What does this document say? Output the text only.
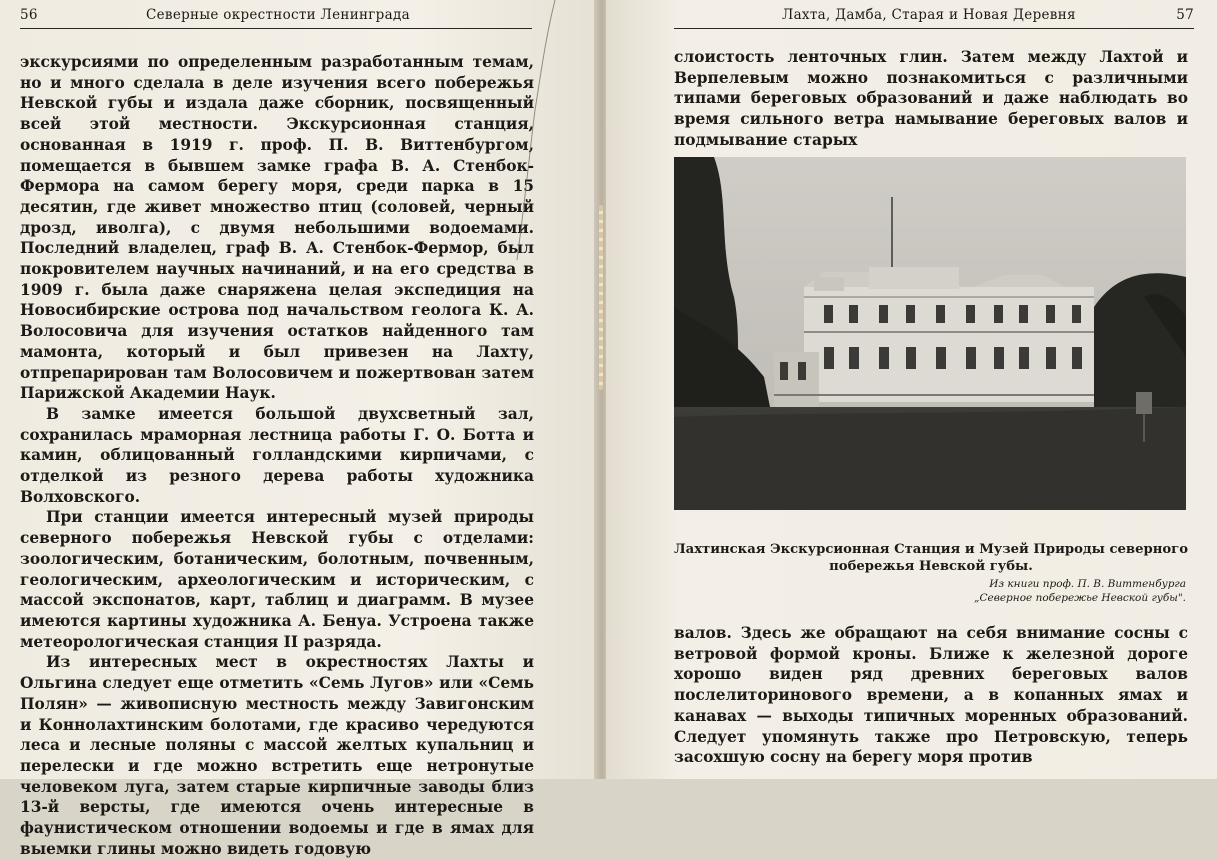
56	Северные окрестности Ленинграда

экскурсиями по определенным разработанным темам, но и много сделала в деле изучения всего побережья Невской губы и издала даже сборник, посвященный всей этой местности. Экскурсионная станция, основанная в 1919 г. проф. П. В. Виттенбургом, помещается в бывшем замке графа В. А. Стенбок-Фермора на самом берегу моря, среди парка в 15 десятин, где живет множество птиц (соловей, черный дрозд, иволга), с двумя небольшими водоемами. Последний владелец, граф В. А. Стенбок-Фермор, был покровителем научных начинаний, и на его средства в 1909 г. была даже снаряжена целая экспедиция на Новосибирские острова под начальством геолога К. А. Волосовича для изучения остатков найденного там мамонта, который и был привезен на Лахту, отпрепарирован там Волосовичем и пожертвован затем Парижской Академии Наук.

В замке имеется большой двухсветный зал, сохранилась мраморная лестница работы Г. О. Ботта и камин, облицованный голландскими кирпичами, с отделкой из резного дерева работы художника Волховского.

При станции имеется интересный музей природы северного побережья Невской губы с отделами: зоологическим, ботаническим, болотным, почвенным, геологическим, археологическим и историческим, с массой экспонатов, карт, таблиц и диаграмм. В музее имеются картины художника А. Бенуа. Устроена также метеорологическая станция II разряда.

Из интересных мест в окрестностях Лахты и Ольгина следует еще отметить «Семь Лугов» или «Семь Полян» — живописную местность между Завигонским и Коннолахтинским болотами, где красиво чередуются леса и лесные поляны с массой желтых купальниц и перелески и где можно встретить еще нетронутые человеком луга, затем старые кирпичные заводы близ 13-й версты, где имеются очень интересные в фаунистическом отношении водоемы и где в ямах для выемки глины можно видеть годовую

Лахта, Дамба, Старая и Новая Деревня	57

слоистость ленточных глин. Затем между Лахтой и Верпелевым можно познакомиться с различными типами береговых образований и даже наблюдать во время сильного ветра намывание береговых валов и подмывание старых

Лахтинская Экскурсионная Станция и Музей Природы северного побережья Невской губы.
Из книги проф. П. В. Виттенбурга
„Северное побережье Невской губы".

валов. Здесь же обращают на себя внимание сосны с ветровой формой кроны. Ближе к железной дороге хорошо виден ряд древних береговых валов послелиторинового времени, а в копанных ямах и канавах — выходы типичных моренных образований. Следует упомянуть также про Петровскую, теперь засохшую сосну на берегу моря против
